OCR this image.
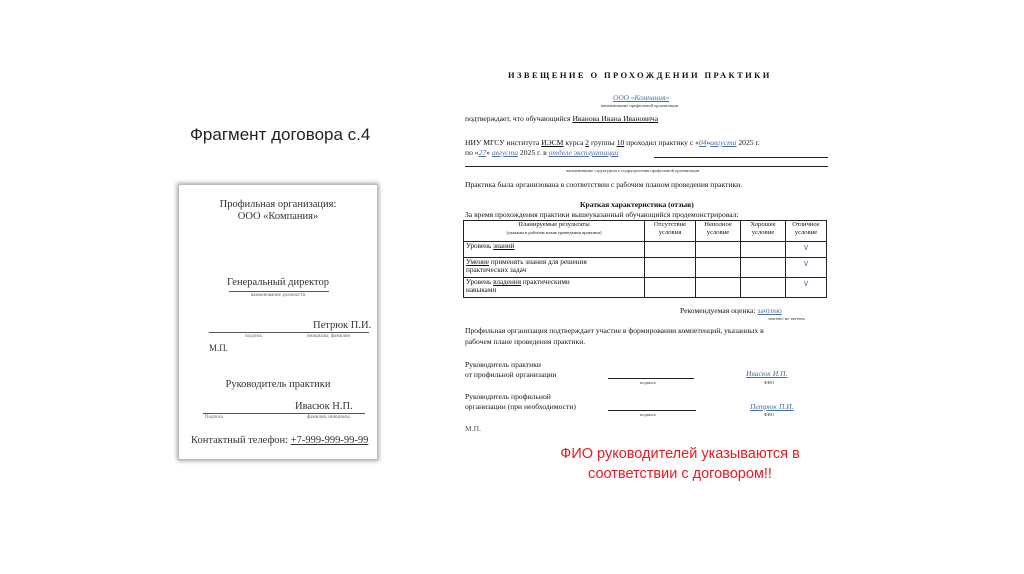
Фрагмент договора с.4
Профильная организация:
ООО «Компания»
Генеральный директор
наименование должности
Петрюк П.И.
подпись	инициалы, фамилия
М.П.
Руководитель практики
Ивасюк Н.П.
Подпись	фамилия, инициалы
Контактный телефон: +7-999-999-99-99
ИЗВЕЩЕНИЕ О ПРОХОЖДЕНИИ ПРАКТИКИ
ООО «Компания»
наименование профильной организации
подтверждает, что обучающийся Иванова Ивана Ивановича
НИУ МГСУ института ИЭСМ курса 2 группы 10 проходил практику с «04»августа 2025 г.
по «27» августа 2025 г. в отделе эксплуатации
наименование структурного подразделения профильной организации
Практика была организована в соответствии с рабочим планом проведения практики.
Краткая характеристика (отзыв)
За время прохождения практики вышеуказанный обучающийся продемонстрировал:
Планируемые результаты
(указаны в рабочем плане проведения практики)	Отсутствие условия	Неполное условие	Хорошее условие	Отличное условие
Уровень знаний				∨

Умение применять знания для решения
практических задач				∨

Уровень владения практическими
навыками				∨
Рекомендуемая оценка: зачтено
зачтено/ не зачтено
Профильная организация подтверждает участие в формировании компетенций, указанных в
рабочем плане проведения практики.
Руководитель практики
от профильной организации
подпись
Ивасюк И.П.
ФИО
Руководитель профильной
организации (при необходимости)
подпись
Петрюк П.И.
ФИО
М.П.
ФИО руководителей указываются в соответствии с договором!!
